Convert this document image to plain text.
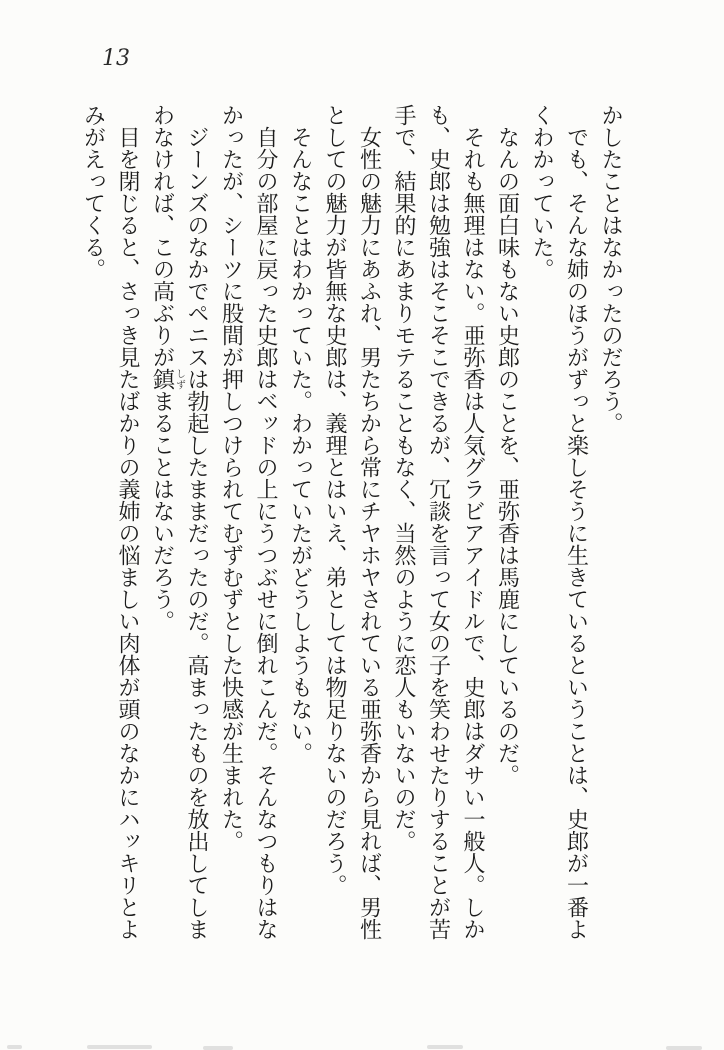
13

かしたことはなかったのだろう。

でも、そんな姉のほうがずっと楽しそうに生きているということは、史郎が一番よくわかっていた。

なんの面白味もない史郎のことを、亜弥香は馬鹿にしているのだ。

それも無理はない。亜弥香は人気グラビアアイドルで、史郎はダサい一般人。しかも、史郎は勉強はそこそこできるが、冗談を言って女の子を笑わせたりすることが苦手で、結果的にあまりモテることもなく、当然のように恋人もいないのだ。

女性の魅力にあふれ、男たちから常にチヤホヤされている亜弥香から見れば、男性としての魅力が皆無な史郎は、義理とはいえ、弟としては物足りないのだろう。

そんなことはわかっていた。わかっていたがどうしようもない。

自分の部屋に戻った史郎はベッドの上にうつぶせに倒れこんだ。そんなつもりはなかったが、シーツに股間が押しつけられてむずむずとした快感が生まれた。

ジーンズのなかでペニスは勃起したままだったのだ。高まったものを放出してしまわなければ、この高ぶりが鎮しずまることはないだろう。

目を閉じると、さっき見たばかりの義姉の悩ましい肉体が頭のなかにハッキリとよみがえってくる。
